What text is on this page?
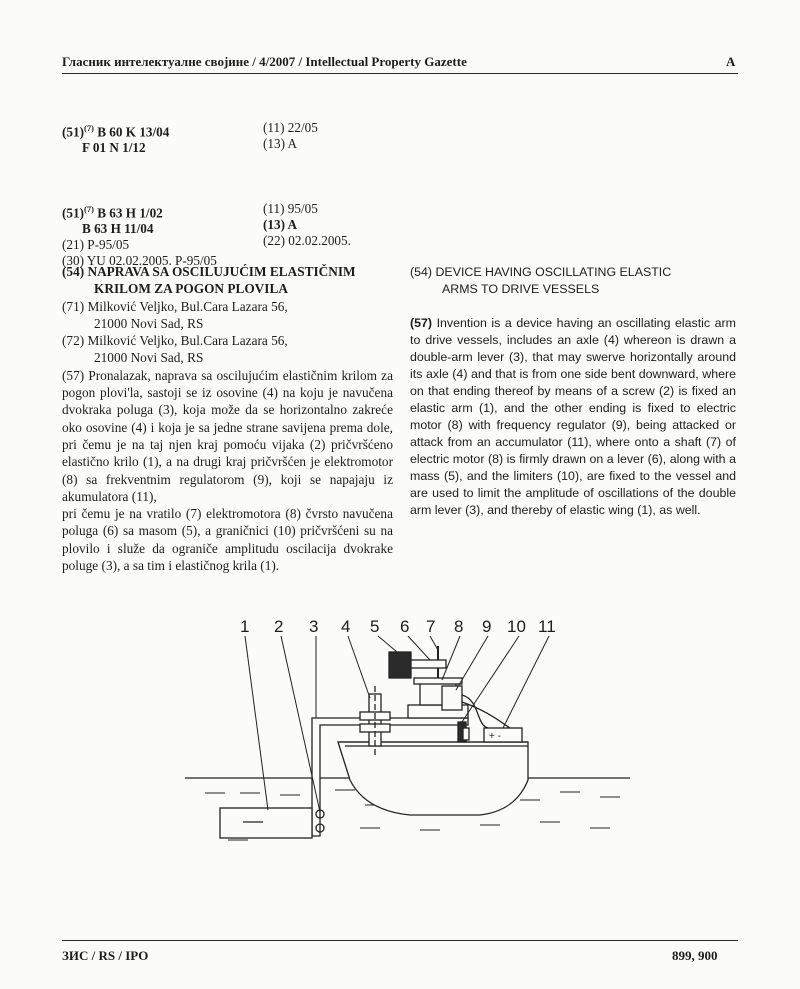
Гласник интелектуалне својине / 4/2007 / Intellectual Property Gazette	A
$(51)^{(7)}$ B 60 K 13/04
F 01 N 1/12
(11) 22/05
(13) A
$(51)^{(7)}$ B 63 H 1/02
B 63 H 11/04
(21) P-95/05
(30) YU 02.02.2005. P-95/05
(11) 95/05
(13) A
(22) 02.02.2005.
(54) NAPRAVA SA OSCILUJUĆIM ELASTIČNIM
KRILOM ZA POGON PLOVILA
(71) Milković Veljko, Bul.Cara Lazara 56,
21000 Novi Sad, RS
(72) Milković Veljko, Bul.Cara Lazara 56,
21000 Novi Sad, RS
(57) Pronalazak, naprava sa oscilujućim elastičnim krilom za pogon plovi'la, sastoji se iz osovine (4) na koju je navučena dvokraka poluga (3), koja može da se horizontalno zakreće oko osovine (4) i koja je sa jedne strane savijena prema dole, pri čemu je na taj njen kraj pomoću vijaka (2) pričvršćeno elastično krilo (1), a na drugi kraj pričvršćen je elektromotor (8) sa frekventnim regulatorom (9), koji se napajaju iz akumulatora (11),
pri čemu je na vratilo (7) elektromotora (8) čvrsto navučena poluga (6) sa masom (5), a graničnici (10) pričvršćeni su na plovilo i služe da ograniče amplitudu oscilacija dvokrake poluge (3), a sa tim i elastičnog krila (1).
(54) DEVICE HAVING OSCILLATING ELASTIC
ARMS TO DRIVE VESSELS
(57) Invention is a device having an oscillating elastic arm to drive vessels, includes an axle (4) whereon is drawn a double-arm lever (3), that may swerve horizontally around its axle (4) and that is from one side bent downward, where on that ending thereof by means of a screw (2) is fixed an elastic arm (1), and the other ending is fixed to electric motor (8) with frequency regulator (9), being attacked or attack from an accumulator (11), where onto a shaft (7) of electric motor (8) is firmly drawn on a lever (6), along with a mass (5), and the limiters (10), are fixed to the vessel and are used to limit the amplitude of oscillations of the double arm lever (3), and thereby of elastic wing (1), as well.
1 2 3 4 5 6 7 8 9 10 11
+ -
ЗИС / RS / IPO	899, 900
